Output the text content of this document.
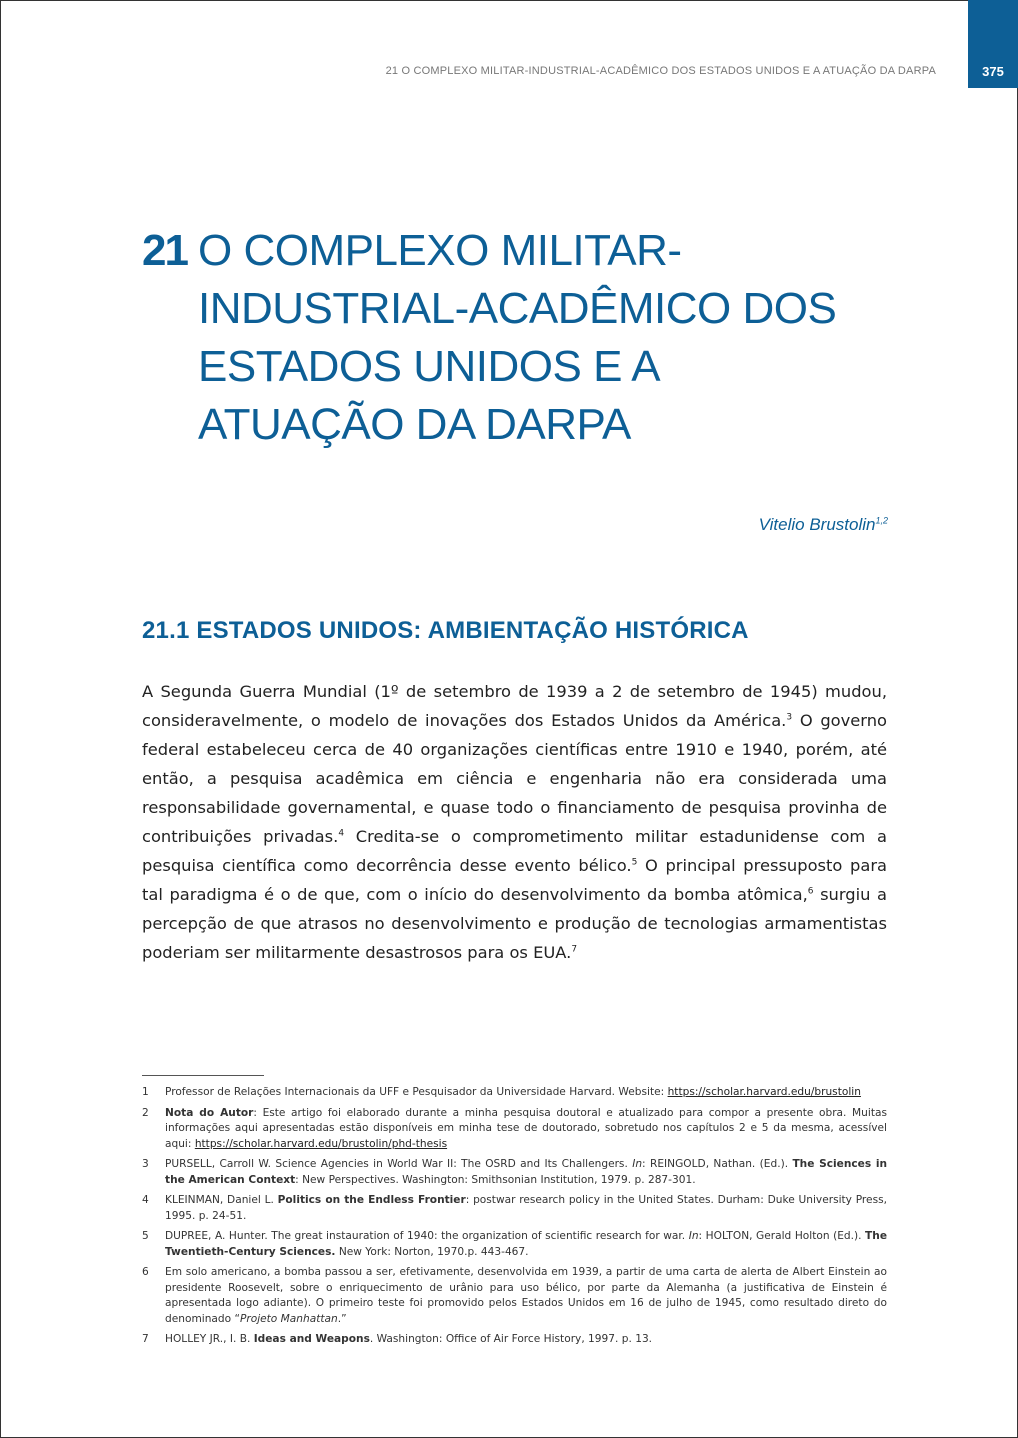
375
21 O COMPLEXO MILITAR-INDUSTRIAL-ACADÊMICO DOS ESTADOS UNIDOS E A ATUAÇÃO DA DARPA
21 O COMPLEXO MILITAR-INDUSTRIAL-ACADÊMICO DOS ESTADOS UNIDOS E A ATUAÇÃO DA DARPA
Vitelio Brustolin$^{1,2}$
21.1 ESTADOS UNIDOS: AMBIENTAÇÃO HISTÓRICA
A Segunda Guerra Mundial (1º de setembro de 1939 a 2 de setembro de 1945) mudou, consideravelmente, o modelo de inovações dos Estados Unidos da América.$^3$ O governo federal estabeleceu cerca de 40 organizações científicas entre 1910 e 1940, porém, até então, a pesquisa acadêmica em ciência e engenharia não era considerada uma responsabilidade governamental, e quase todo o financiamento de pesquisa provinha de contribuições privadas.$^4$ Credita-se o comprometimento militar estadunidense com a pesquisa científica como decorrência desse evento bélico.$^5$ O principal pressuposto para tal paradigma é o de que, com o início do desenvolvimento da bomba atômica,$^6$ surgiu a percepção de que atrasos no desenvolvimento e produção de tecnologias armamentistas poderiam ser militarmente desastrosos para os EUA.$^7$
1	Professor de Relações Internacionais da UFF e Pesquisador da Universidade Harvard. Website: https://scholar.harvard.edu/brustolin
2	Nota do Autor: Este artigo foi elaborado durante a minha pesquisa doutoral e atualizado para compor a presente obra. Muitas informações aqui apresentadas estão disponíveis em minha tese de doutorado, sobretudo nos capítulos 2 e 5 da mesma, acessível aqui: https://scholar.harvard.edu/brustolin/phd-thesis
3	PURSELL, Carroll W. Science Agencies in World War II: The OSRD and Its Challengers. In: REINGOLD, Nathan. (Ed.). The Sciences in the American Context: New Perspectives. Washington: Smithsonian Institution, 1979. p. 287-301.
4	KLEINMAN, Daniel L. Politics on the Endless Frontier: postwar research policy in the United States. Durham: Duke University Press, 1995. p. 24-51.
5	DUPREE, A. Hunter. The great instauration of 1940: the organization of scientific research for war. In: HOLTON, Gerald Holton (Ed.). The Twentieth-Century Sciences. New York: Norton, 1970.p. 443-467.
6	Em solo americano, a bomba passou a ser, efetivamente, desenvolvida em 1939, a partir de uma carta de alerta de Albert Einstein ao presidente Roosevelt, sobre o enriquecimento de urânio para uso bélico, por parte da Alemanha (a justificativa de Einstein é apresentada logo adiante). O primeiro teste foi promovido pelos Estados Unidos em 16 de julho de 1945, como resultado direto do denominado “Projeto Manhattan.”
7	HOLLEY JR., I. B. Ideas and Weapons. Washington: Office of Air Force History, 1997. p. 13.
